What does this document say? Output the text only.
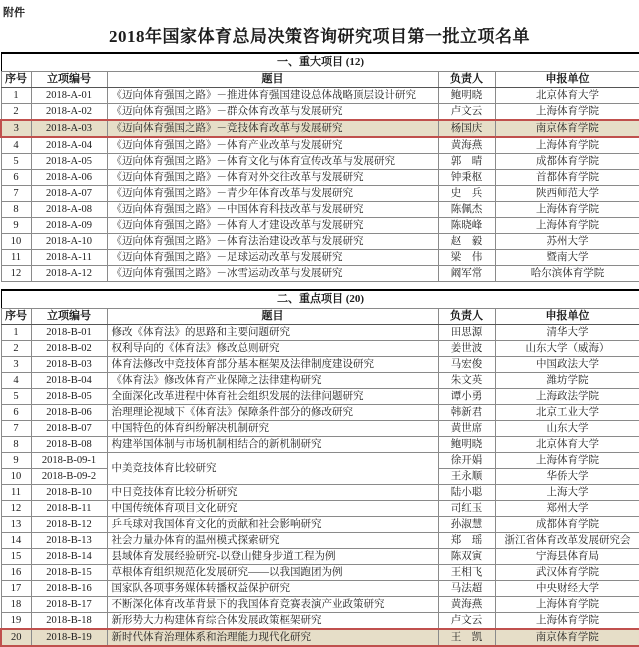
附件
2018年国家体育总局决策咨询研究项目第一批立项名单
一、重大项目 (12)				
序号	立项编号	题目	负责人	申报单位
1	2018-A-01	《迈向体育强国之路》－推进体育强国建设总体战略顶层设计研究	鲍明晓	北京体育大学
2	2018-A-02	《迈向体育强国之路》－群众体育改革与发展研究	卢文云	上海体育学院
3	2018-A-03	《迈向体育强国之路》－竞技体育改革与发展研究	杨国庆	南京体育学院
4	2018-A-04	《迈向体育强国之路》－体育产业改革与发展研究	黄海燕	上海体育学院
5	2018-A-05	《迈向体育强国之路》－体育文化与体育宣传改革与发展研究	郭　晴	成都体育学院
6	2018-A-06	《迈向体育强国之路》－体育对外交往改革与发展研究	钟秉枢	首都体育学院
7	2018-A-07	《迈向体育强国之路》－青少年体育改革与发展研究	史　兵	陕西师范大学
8	2018-A-08	《迈向体育强国之路》－中国体育科技改革与发展研究	陈佩杰	上海体育学院
9	2018-A-09	《迈向体育强国之路》－体育人才建设改革与发展研究	陈晓峰	上海体育学院
10	2018-A-10	《迈向体育强国之路》－体育法治建设改革与发展研究	赵　毅	苏州大学
11	2018-A-11	《迈向体育强国之路》－足球运动改革与发展研究	梁　伟	暨南大学
12	2018-A-12	《迈向体育强国之路》－冰雪运动改革与发展研究	阚军常	哈尔滨体育学院
二、重点项目 (20)				
序号	立项编号	题目	负责人	申报单位
1	2018-B-01	修改《体育法》的思路和主要问题研究	田思源	清华大学
2	2018-B-02	权利导向的《体育法》修改总则研究	姜世波	山东大学（威海）
3	2018-B-03	体育法修改中竞技体育部分基本框架及法律制度建设研究	马宏俊	中国政法大学
4	2018-B-04	《体育法》修改体育产业保障之法律建构研究	朱文英	潍坊学院
5	2018-B-05	全面深化改革进程中体育社会组织发展的法律问题研究	谭小勇	上海政法学院
6	2018-B-06	治理理论视域下《体育法》保障条件部分的修改研究	韩新君	北京工业大学
7	2018-B-07	中国特色的体育纠纷解决机制研究	黄世席	山东大学
8	2018-B-08	构建举国体制与市场机制相结合的新机制研究	鲍明晓	北京体育大学
9	2018-B-09-1	中美竞技体育比较研究	徐开娟	上海体育学院
10	2018-B-09-2		王永顺	华侨大学
11	2018-B-10	中日竞技体育比较分析研究	陆小聪	上海大学
12	2018-B-11	中国传统体育项目文化研究	司红玉	郑州大学
13	2018-B-12	乒乓球对我国体育文化的贡献和社会影响研究	孙淑慧	成都体育学院
14	2018-B-13	社会力量办体育的温州模式探索研究	郑　瑶	浙江省体育改革发展研究会
15	2018-B-14	县域体育发展经验研究-以登山健身步道工程为例	陈双寅	宁海县体育局
16	2018-B-15	草根体育组织规范化发展研究——以我国跑团为例	王相飞	武汉体育学院
17	2018-B-16	国家队各项事务媒体转播权益保护研究	马法超	中央财经大学
18	2018-B-17	不断深化体育改革背景下的我国体育竞赛表演产业政策研究	黄海燕	上海体育学院
19	2018-B-18	新形势大力构建体育综合体发展政策框架研究	卢文云	上海体育学院
20	2018-B-19	新时代体育治理体系和治理能力现代化研究	王　凯	南京体育学院
